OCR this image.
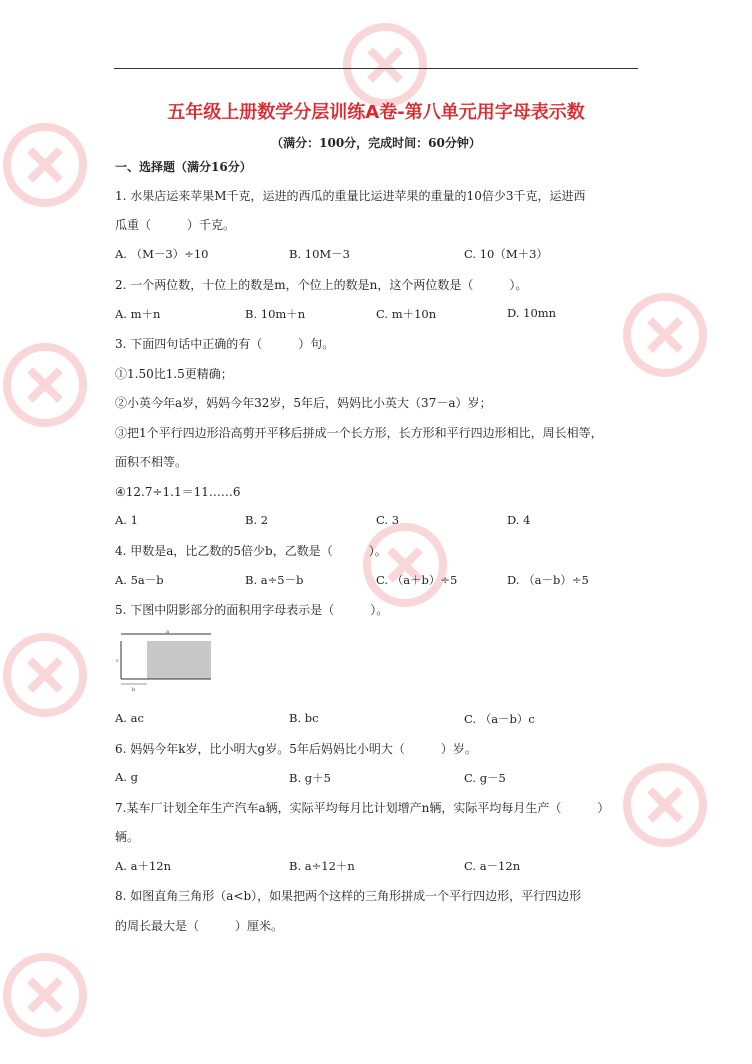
五年级上册数学分层训练A卷-第八单元用字母表示数
（满分：100分，完成时间：60分钟）
一、选择题（满分16分）
1. 水果店运来苹果M千克，运进的西瓜的重量比运进苹果的重量的10倍少3千克，运进西
瓜重（　　　）千克。
A. （M－3）÷10	B. 10M－3	C. 10（M＋3）
2. 一个两位数，十位上的数是m，个位上的数是n，这个两位数是（　　　）。
A. m＋n	B. 10m＋n	C. m＋10n	D. 10mn
3. 下面四句话中正确的有（　　　）句。
①1.50比1.5更精确；
②小英今年a岁，妈妈今年32岁，5年后，妈妈比小英大（37－a）岁；
③把1个平行四边形沿高剪开平移后拼成一个长方形，长方形和平行四边形相比，周长相等，
面积不相等。
④12.7÷1.1＝11……6
A. 1	B. 2	C. 3	D. 4
4. 甲数是a，比乙数的5倍少b，乙数是（　　　）。
A. 5a－b	B. a÷5－b	C. （a＋b）÷5	D. （a－b）÷5
5. 下图中阴影部分的面积用字母表示是（　　　）。
a
c
b
A. ac	B. bc	C. （a－b）c
6. 妈妈今年k岁，比小明大g岁。5年后妈妈比小明大（　　　）岁。
A. g	B. g＋5	C. g－5
7.某车厂计划全年生产汽车a辆，实际平均每月比计划增产n辆，实际平均每月生产（　　　）
辆。
A. a＋12n	B. a÷12＋n	C. a－12n
8. 如图直角三角形（a<b），如果把两个这样的三角形拼成一个平行四边形，平行四边形
的周长最大是（　　　）厘米。
